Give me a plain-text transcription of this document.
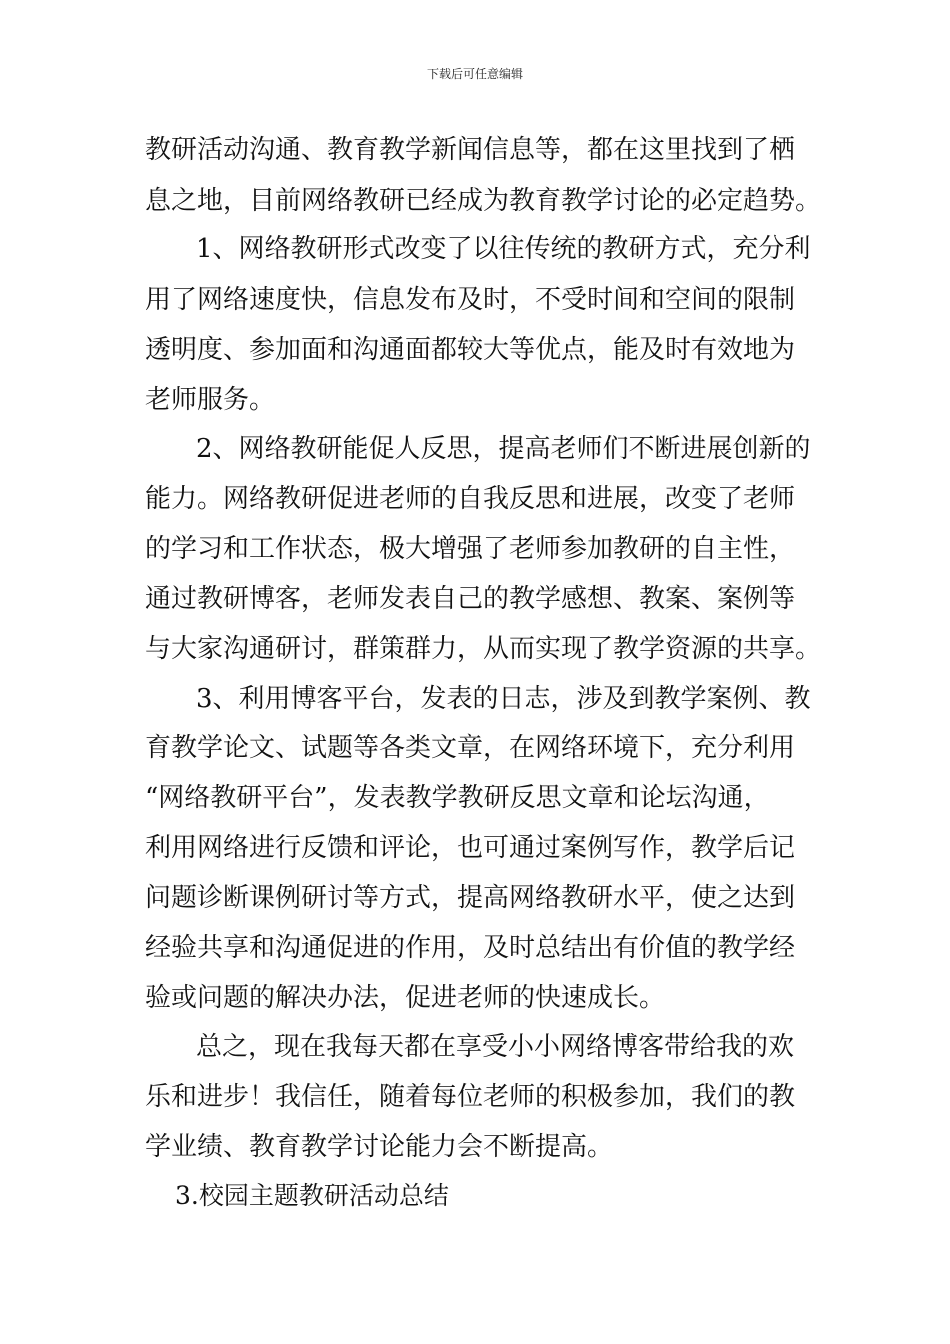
下载后可任意编辑
教研活动沟通、教育教学新闻信息等，都在这里找到了栖
息之地，目前网络教研已经成为教育教学讨论的必定趋势。
1、网络教研形式改变了以往传统的教研方式，充分利
用了网络速度快，信息发布及时，不受时间和空间的限制
透明度、参加面和沟通面都较大等优点，能及时有效地为
老师服务。
2、网络教研能促人反思，提高老师们不断进展创新的
能力。网络教研促进老师的自我反思和进展，改变了老师
的学习和工作状态，极大增强了老师参加教研的自主性，
通过教研博客，老师发表自己的教学感想、教案、案例等
与大家沟通研讨，群策群力，从而实现了教学资源的共享。
3、利用博客平台，发表的日志，涉及到教学案例、教
育教学论文、试题等各类文章，在网络环境下，充分利用
“网络教研平台”，发表教学教研反思文章和论坛沟通，
利用网络进行反馈和评论，也可通过案例写作，教学后记
问题诊断课例研讨等方式，提高网络教研水平，使之达到
经验共享和沟通促进的作用，及时总结出有价值的教学经
验或问题的解决办法，促进老师的快速成长。
总之，现在我每天都在享受小小网络博客带给我的欢
乐和进步！我信任，随着每位老师的积极参加，我们的教
学业绩、教育教学讨论能力会不断提高。
3.校园主题教研活动总结
